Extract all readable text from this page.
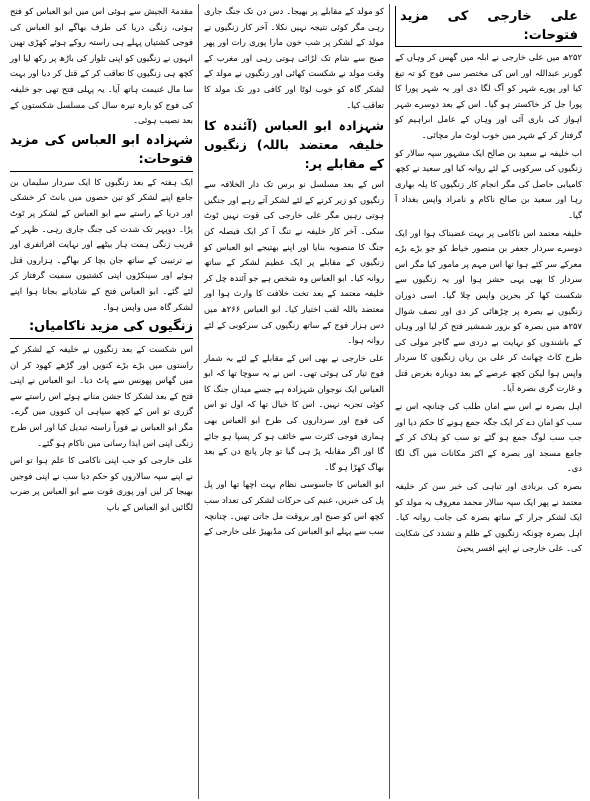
علی خارجی کی مزید فتوحات:

۲۵۲ھ میں علی خارجی نے ابلہ میں گھس کر وہاں کے گورنر عبداللہ اور اس کی مختصر سی فوج کو تہ تیغ کیا اور پورے شہر کو آگ لگا دی اور یہ شہر پورا کا پورا جل کر خاکستر ہو گیا۔ اس کے بعد دوسرے شہر اہواز کی باری آئی اور وہاں کے عامل ابراہیم کو گرفتار کر کے شہر میں خوب لوٹ مار مچائی۔

اب خلیفہ نے سعید بن صالح ایک مشہور سپہ سالار کو زنگیوں کی سرکوبی کے لئے روانہ کیا اور سعید نے کچھ کامیابی حاصل کی مگر انجام کار زنگیوں کا پلہ بھاری رہا اور سعید بن صالح ناکام و نامراد واپس بغداد آ گیا۔

خلیفہ معتمد اس ناکامی پر بہت غضبناک ہوا اور ایک دوسرے سردار جعفر بن منصور خیاط کو جو بڑے بڑے معرکے سر کئے ہوا تھا اس مہم پر مامور کیا مگر اس سردار کا بھی یہی حشر ہوا اور یہ زنگیوں سے شکست کھا کر بحرین واپس چلا گیا۔ اسی دوران زنگیوں نے بصرہ پر چڑھائی کر دی اور نصف شوال ۲۵۷ھ میں بصرہ کو بزور شمشیر فتح کر لیا اور وہاں کے باشندوں کو نہایت بے دردی سے گاجر مولی کی طرح کاٹ چھانٹ کر علی بن ریان زنگیوں کا سردار واپس ہوا لیکن کچھ عرصے کے بعد دوبارہ بغرض قتل و غارت گری بصرہ آیا۔

اہل بصرہ نے اس سے امان طلب کی چنانچہ اس نے سب کو امان دے کر ایک جگہ جمع ہونے کا حکم دیا اور جب سب لوگ جمع ہو گئے تو سب کو ہلاک کر کے جامع مسجد اور بصرہ کے اکثر مکانات میں آگ لگا دی۔

بصرہ کی بربادی اور تباہی کی خبر سن کر خلیفہ معتمد نے پھر ایک سپہ سالار محمد معروف بہ مولد کو ایک لشکر جرار کے ساتھ بصرہ کی جانب روانہ کیا۔ اہل بصرہ چونکہ زنگیوں کے ظلم و تشدد کی شکایت کی۔ علی خارجی نے اپنے افسر یحییٰ

کو مولد کے مقابلے پر بھیجا۔ دس دن تک جنگ جاری رہی مگر کوئی نتیجہ نہیں نکلا۔ آخر کار زنگیوں نے مولد کے لشکر پر شب خون مارا پوری رات اور پھر صبح سے شام تک لڑائی ہوتی رہی اور مغرب کے وقت مولد نے شکست کھائی اور زنگیوں نے مولد کے لشکر گاہ کو خوب لوٹا اور کافی دور تک مولد کا تعاقب کیا۔

شہزادہ ابو العباس (آئندہ کا خلیفہ معتضد باللہ) زنگیوں کے مقابلے پر:

اس کے بعد مسلسل نو برس تک دار الخلافہ سے زنگیوں کو زیر کرنے کے لئے لشکر آتے رہے اور جنگیں ہوتی رہیں مگر علی خارجی کی قوت نہیں ٹوٹ سکی۔ آخر کار خلیفہ نے تنگ آ کر ایک فیصلہ کن جنگ کا منصوبہ بنایا اور اپنے بھتیجے ابو العباس کو زنگیوں کے مقابلے پر ایک عظیم لشکر کے ساتھ روانہ کیا۔ ابو العباس وہ شخص ہے جو آئندہ چل کر خلیفہ معتمد کے بعد تخت خلافت کا وارث ہوا اور معتضد باللہ لقب اختیار کیا۔ ابو العباس ۲۶۶ھ میں دس ہزار فوج کے ساتھ زنگیوں کی سرکوبی کے لئے روانہ ہوا۔

علی خارجی نے بھی اس کے مقابلے کے لئے بہ شمار فوج تیار کی ہوئی تھی۔ اس نے یہ سوچا تھا کہ ابو العباس ایک نوجوان شہزادہ ہے جسے میدان جنگ کا کوئی تجربہ نہیں۔ اس کا خیال تھا کہ اول تو اس کی فوج اور سرداروں کی طرح ابو العباس بھی ہماری فوجی کثرت سے خائف ہو کر پسپا ہو جائے گا اور اگر مقابلہ پڑ ہی گیا تو چار پانچ دن کے بعد بھاگ کھڑا ہو گا۔

ابو العباس کا جاسوسی نظام بہت اچھا تھا اور پل پل کی خبریں، غنیم کی حرکات لشکر کی تعداد سب کچھ اس کو صبح اور بروقت مل جاتی تھیں۔ چنانچہ سب سے پہلے ابو العباس کی مڈبھیڑ علی خارجی کے

مقدمۃ الجیش سے ہوئی اس میں ابو العباس کو فتح ہوئی، زنگی دریا کی طرف بھاگے ابو العباس کی فوجی کشتیاں پہلے ہی راستہ روکے ہوئے کھڑی تھیں انہوں نے زنگیوں کو اپنی تلوار کی باڑھ پر رکھ لیا اور کچھ ہی زنگیوں کا تعاقب کر کے قتل کر دیا اور بہت سا مال غنیمت ہاتھ آیا۔ یہ پہلی فتح تھی جو خلیفہ کی فوج کو بارہ تیرہ سال کی مسلسل شکستوں کے بعد نصیب ہوئی۔

شہزادہ ابو العباس کی مزید فتوحات:

ایک ہفتہ کے بعد زنگیوں کا ایک سردار سلیمان بن جامع اپنے لشکر کو تین حصوں میں بانٹ کر خشکی اور دریا کے راستے سے ابو العباس کے لشکر پر ٹوٹ پڑا۔ دوپہر تک شدت کی جنگ جاری رہی۔ ظہر کے قریب زنگی ہمت ہار بیٹھے اور نہایت افراتفری اور بے ترتیبی کے ساتھ جان بچا کر بھاگے۔ ہزاروں قتل ہوئے اور سینکڑوں اپنی کشتیوں سمیت گرفتار کر لئے گئے۔ ابو العباس فتح کے شادیانے بجاتا ہوا اپنے لشکر گاہ میں واپس ہوا۔

زنگیوں کی مزید ناکامیاں:

اس شکست کے بعد زنگیوں نے خلیفہ کے لشکر کے راستوں میں بڑے بڑے کنویں اور گڑھے کھود کر ان میں گھاس پھونس سے پاٹ دیا۔ ابو العباس نے اپنی فتح کے بعد لشکر کا جشن منانے ہوئے اس راستے سے گزری تو اس کے کچھ سپاہی ان کنووں میں گرے۔ مگر ابو العباس نے فوراً راستہ تبدیل کیا اور اس طرح زنگی اپنی اس ایذا رسانی میں ناکام ہو گئے۔

علی خارجی کو جب اپنی ناکامی کا علم ہوا تو اس نے اپنے سپہ سالاروں کو حکم دیا سب نے اپنی فوجیں بھیجا کر لیں اور پوری قوت سے ابو العباس پر ضرب لگائیں ابو العباس کے باپ
